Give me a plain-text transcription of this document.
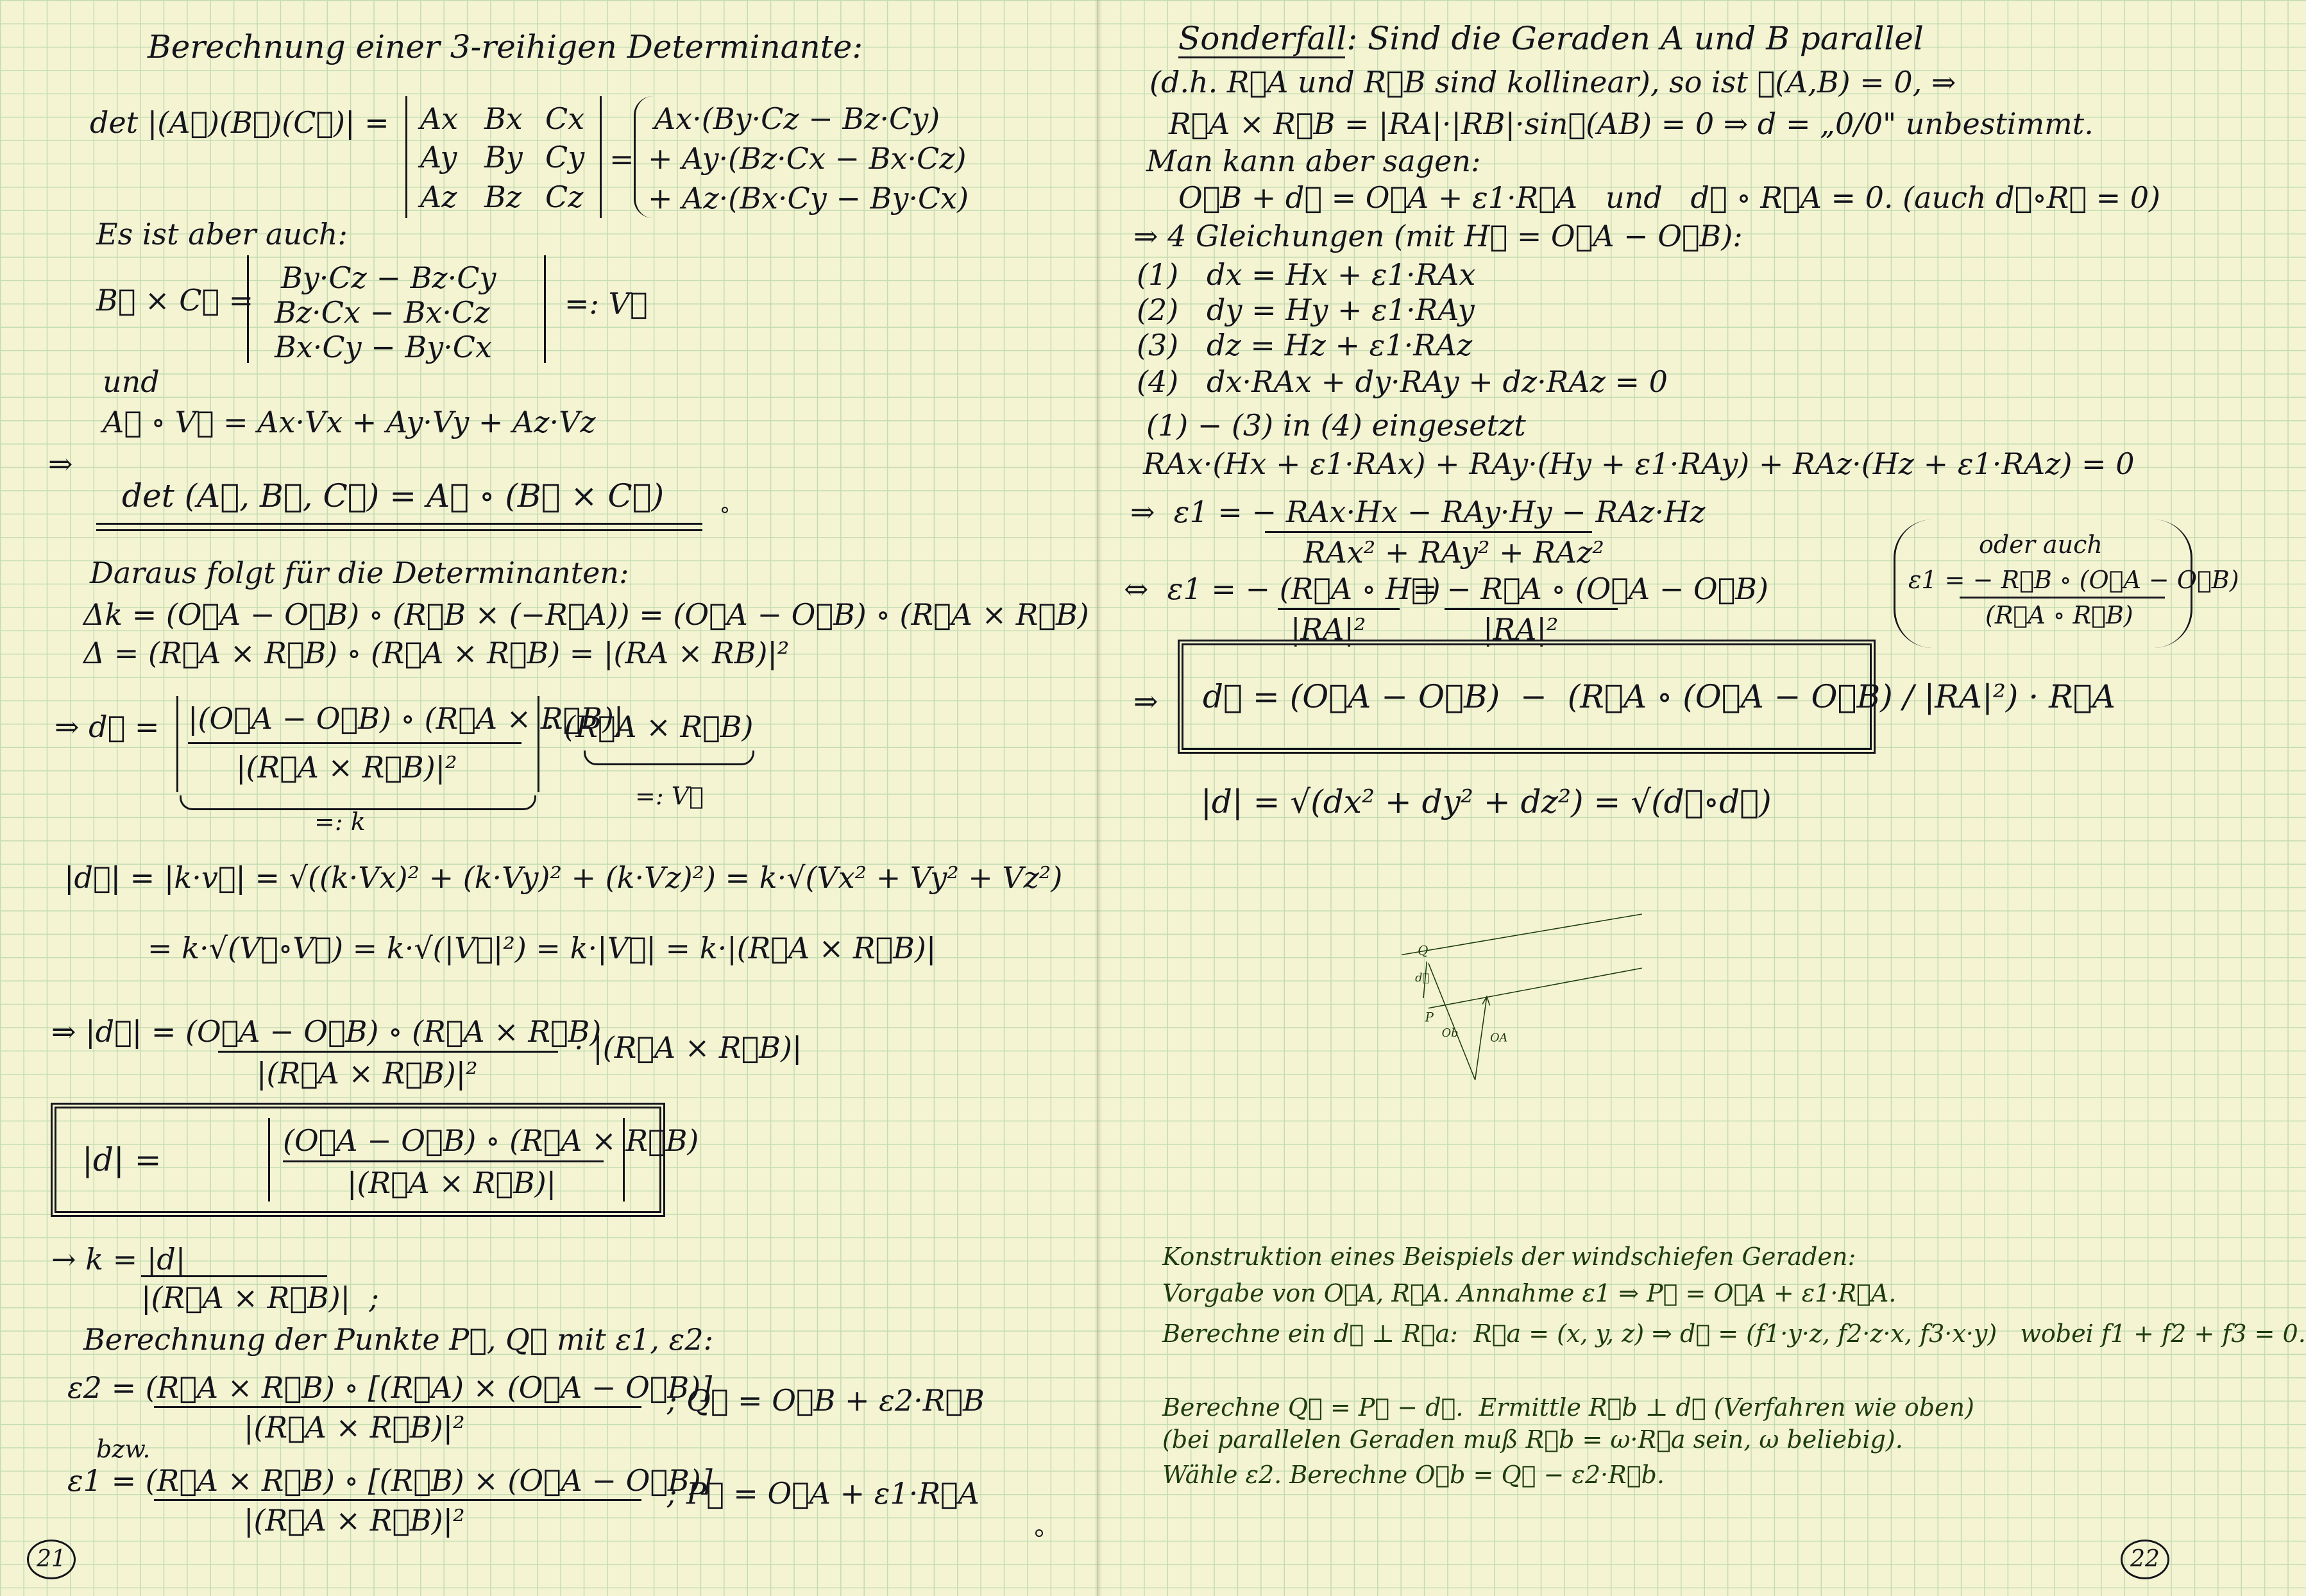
Berechnung einer 3-reihigen Determinante:
det |(A⃗)(B⃗)(C⃗)| = Ax Bx Cx
Ay By Cy
Az Bz Cz
=
Ax·(By·Cz − Bz·Cy)
+ Ay·(Bz·Cx − Bx·Cz)
+ Az·(Bx·Cy − By·Cx)
Es ist aber auch:
B⃗ × C⃗ =
By·Cz − Bz·Cy
Bz·Cx − Bx·Cz
Bx·Cy − By·Cx
=: V⃗
und
A⃗ ∘ V⃗ = Ax·Vx + Ay·Vy + Az·Vz
⇒
det (A⃗, B⃗, C⃗) = A⃗ ∘ (B⃗ × C⃗)
Daraus folgt für die Determinanten:
Δk = (O⃗A − O⃗B) ∘ (R⃗B × (−R⃗A)) = (O⃗A − O⃗B) ∘ (R⃗A × R⃗B)
Δ = (R⃗A × R⃗B) ∘ (R⃗A × R⃗B) = |(RA × RB)|²
⇒ d⃗ = |(O⃗A − O⃗B) ∘ (R⃗A × R⃗B)|
|(R⃗A × R⃗B)|²
· (R⃗A × R⃗B)
=: k
=: V⃗
|d⃗| = |k·v⃗| = √((k·Vx)² + (k·Vy)² + (k·Vz)²) = k·√(Vx² + Vy² + Vz²)
= k·√(V⃗∘V⃗) = k·√(|V⃗|²) = k·|V⃗| = k·|(R⃗A × R⃗B)|
⇒ |d⃗| = (O⃗A − O⃗B) ∘ (R⃗A × R⃗B)
|(R⃗A × R⃗B)|²
· |(R⃗A × R⃗B)|
|d| =
(O⃗A − O⃗B) ∘ (R⃗A × R⃗B)
|(R⃗A × R⃗B)|
→ k = |d|
|(R⃗A × R⃗B)|  ;
Berechnung der Punkte P⃗, Q⃗ mit ε1, ε2:
ε2 = (R⃗A × R⃗B) ∘ [(R⃗A) × (O⃗A − O⃗B)]
|(R⃗A × R⃗B)|²
; Q⃗ = O⃗B + ε2·R⃗B
bzw.
ε1 = (R⃗A × R⃗B) ∘ [(R⃗B) × (O⃗A − O⃗B)]
|(R⃗A × R⃗B)|²
; P⃗ = O⃗A + ε1·R⃗A
21
Sonderfall: Sind die Geraden A und B parallel
(d.h. R⃗A und R⃗B sind kollinear), so ist ∢(A,B) = 0, ⇒
R⃗A × R⃗B = |RA|·|RB|·sin∢(AB) = 0 ⇒ d = „0/0" unbestimmt.
Man kann aber sagen:
O⃗B + d⃗ = O⃗A + ε1·R⃗A   und   d⃗ ∘ R⃗A = 0. (auch d⃗∘R⃗ = 0)
⇒ 4 Gleichungen (mit H⃗ = O⃗A − O⃗B):
(1)   dx = Hx + ε1·RAx
(2)   dy = Hy + ε1·RAy
(3)   dz = Hz + ε1·RAz
(4)   dx·RAx + dy·RAy + dz·RAz = 0
(1) − (3) in (4) eingesetzt
RAx·(Hx + ε1·RAx) + RAy·(Hy + ε1·RAy) + RAz·(Hz + ε1·RAz) = 0
⇒  ε1 = − RAx·Hx − RAy·Hy − RAz·Hz
RAx² + RAy² + RAz²
⇔  ε1 = − (R⃗A ∘ H⃗)
|RA|²
= − R⃗A ∘ (O⃗A − O⃗B)
|RA|²
oder auch
ε1 = − R⃗B ∘ (O⃗A − O⃗B)
(R⃗A ∘ R⃗B)
⇒ d⃗ = (O⃗A − O⃗B)  −  (R⃗A ∘ (O⃗A − O⃗B) / |RA|²) · R⃗A
|d| = √(dx² + dy² + dz²) = √(d⃗∘d⃗)
Q
d⃗
P
Ob OA
Konstruktion eines Beispiels der windschiefen Geraden:
Vorgabe von O⃗A, R⃗A. Annahme ε1 ⇒ P⃗ = O⃗A + ε1·R⃗A.
Berechne ein d⃗ ⊥ R⃗a:  R⃗a = (x, y, z) ⇒ d⃗ = (f1·y·z, f2·z·x, f3·x·y)   wobei f1 + f2 + f3 = 0.
Berechne Q⃗ = P⃗ − d⃗.  Ermittle R⃗b ⊥ d⃗ (Verfahren wie oben)
(bei parallelen Geraden muß R⃗b = ω·R⃗a sein, ω beliebig).
Wähle ε2. Berechne O⃗b = Q⃗ − ε2·R⃗b.
22
